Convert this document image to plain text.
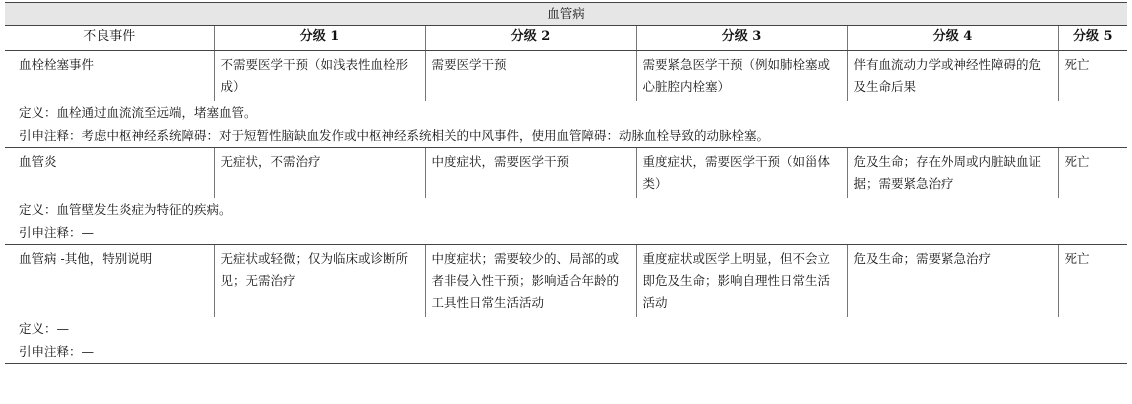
血管病					
不良事件	分级 1	分级 2	分级 3	分级 4	分级 5
血栓栓塞事件	不需要医学干预（如浅表性血栓形成）	需要医学干预	需要紧急医学干预（例如肺栓塞或心脏腔内栓塞）	伴有血流动力学或神经性障碍的危及生命后果	死亡
定义：血栓通过血流流至远端，堵塞血管。					
引申注释：考虑中枢神经系统障碍：对于短暂性脑缺血发作或中枢神经系统相关的中风事件，使用血管障碍：动脉血栓导致的动脉栓塞。					
血管炎	无症状，不需治疗	中度症状，需要医学干预	重度症状，需要医学干预（如甾体类）	危及生命；存在外周或内脏缺血证据；需要紧急治疗	死亡
定义：血管壁发生炎症为特征的疾病。					
引申注释：—					
血管病 -其他，特别说明	无症状或轻微；仅为临床或诊断所见；无需治疗	中度症状；需要较少的、局部的或者非侵入性干预；影响适合年龄的工具性日常生活活动	重度症状或医学上明显，但不会立即危及生命；影响自理性日常生活活动	危及生命；需要紧急治疗	死亡
定义：—					
引申注释：—					
